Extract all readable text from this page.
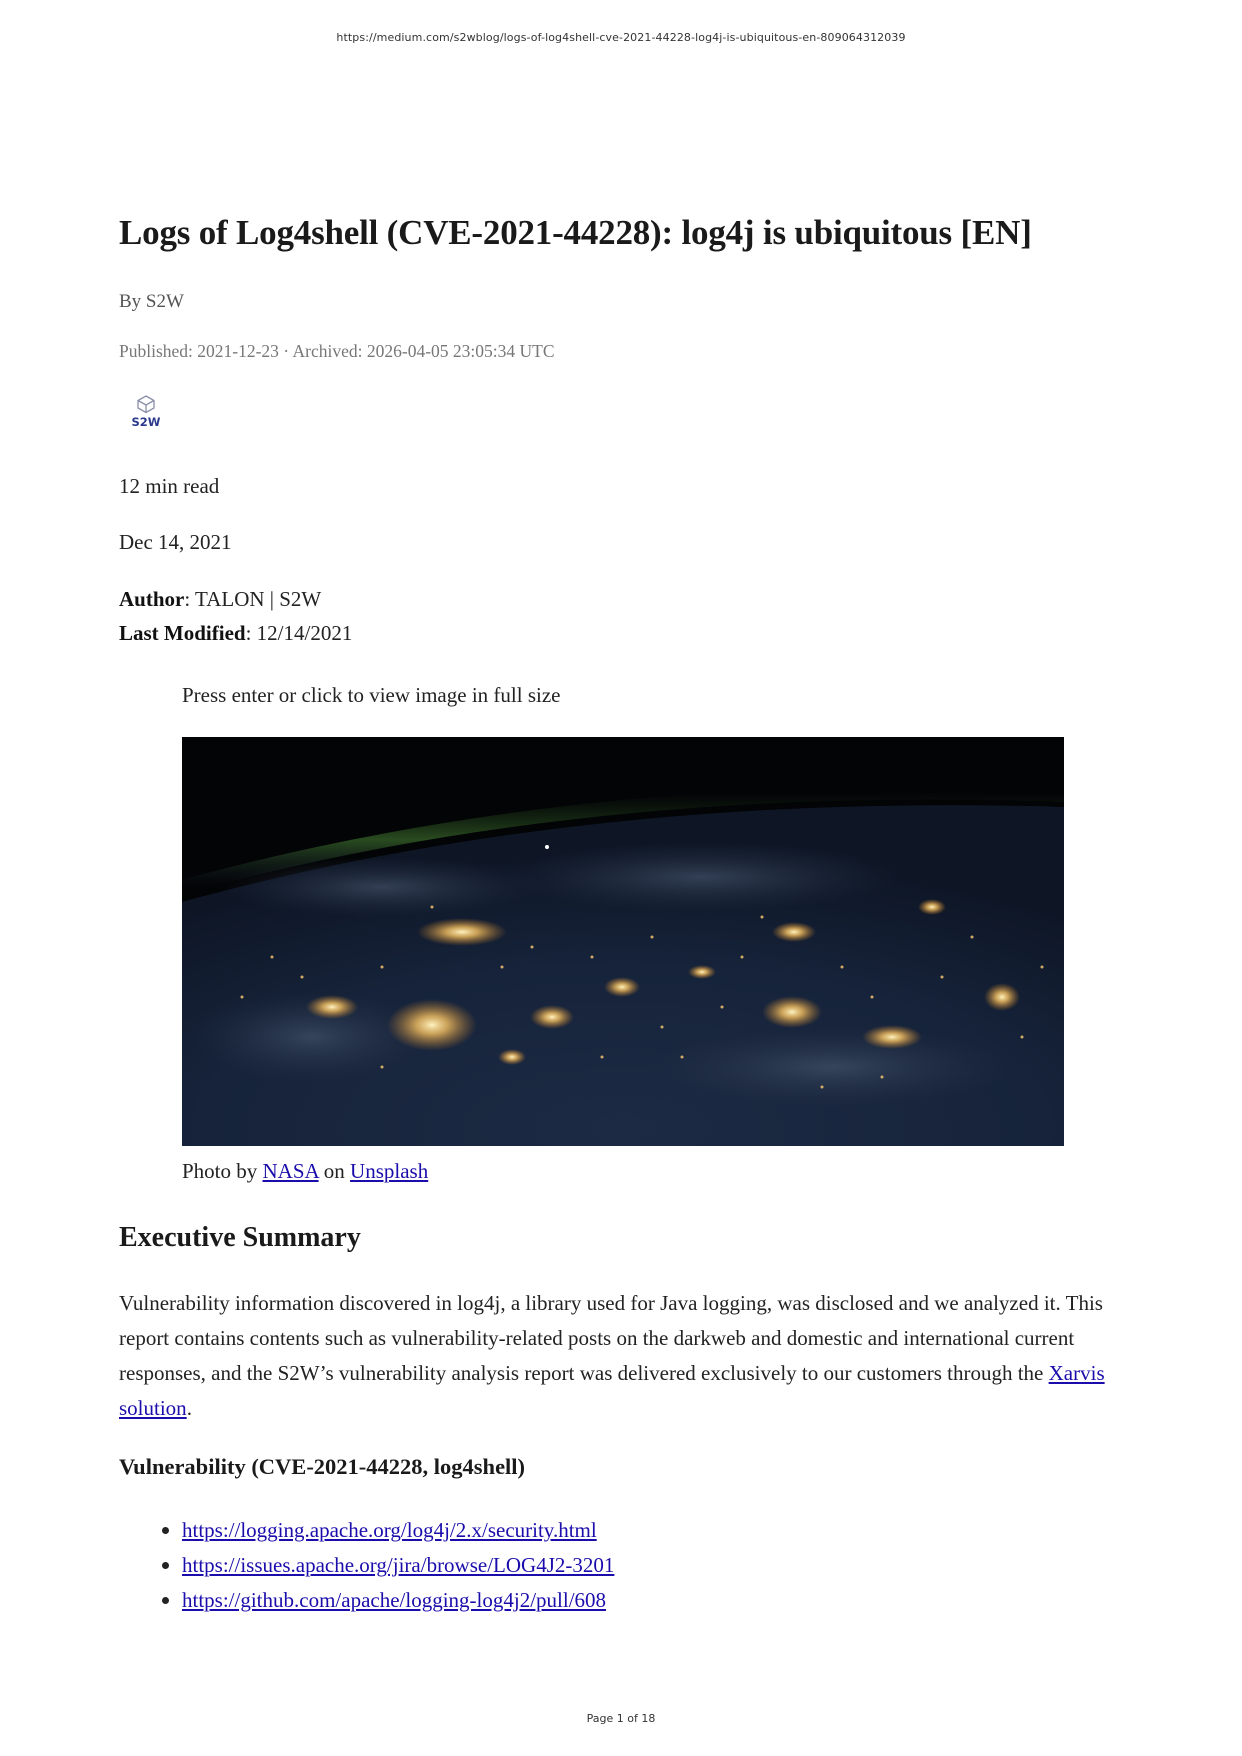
https://medium.com/s2wblog/logs-of-log4shell-cve-2021-44228-log4j-is-ubiquitous-en-809064312039
Logs of Log4shell (CVE-2021-44228): log4j is ubiquitous [EN]
By S2W
Published: 2021-12-23 · Archived: 2026-04-05 23:05:34 UTC
S2W
12 min read
Dec 14, 2021
Author: TALON | S2W
Last Modified: 12/14/2021
Press enter or click to view image in full size
Photo by NASA on Unsplash
Executive Summary

Vulnerability information discovered in log4j, a library used for Java logging, was disclosed and we analyzed it. This report contains contents such as vulnerability-related posts on the darkweb and domestic and international current responses, and the S2W’s vulnerability analysis report was delivered exclusively to our customers through the Xarvis solution.

Vulnerability (CVE-2021-44228, log4shell)
https://logging.apache.org/log4j/2.x/security.html
https://issues.apache.org/jira/browse/LOG4J2-3201
https://github.com/apache/logging-log4j2/pull/608
Page 1 of 18
